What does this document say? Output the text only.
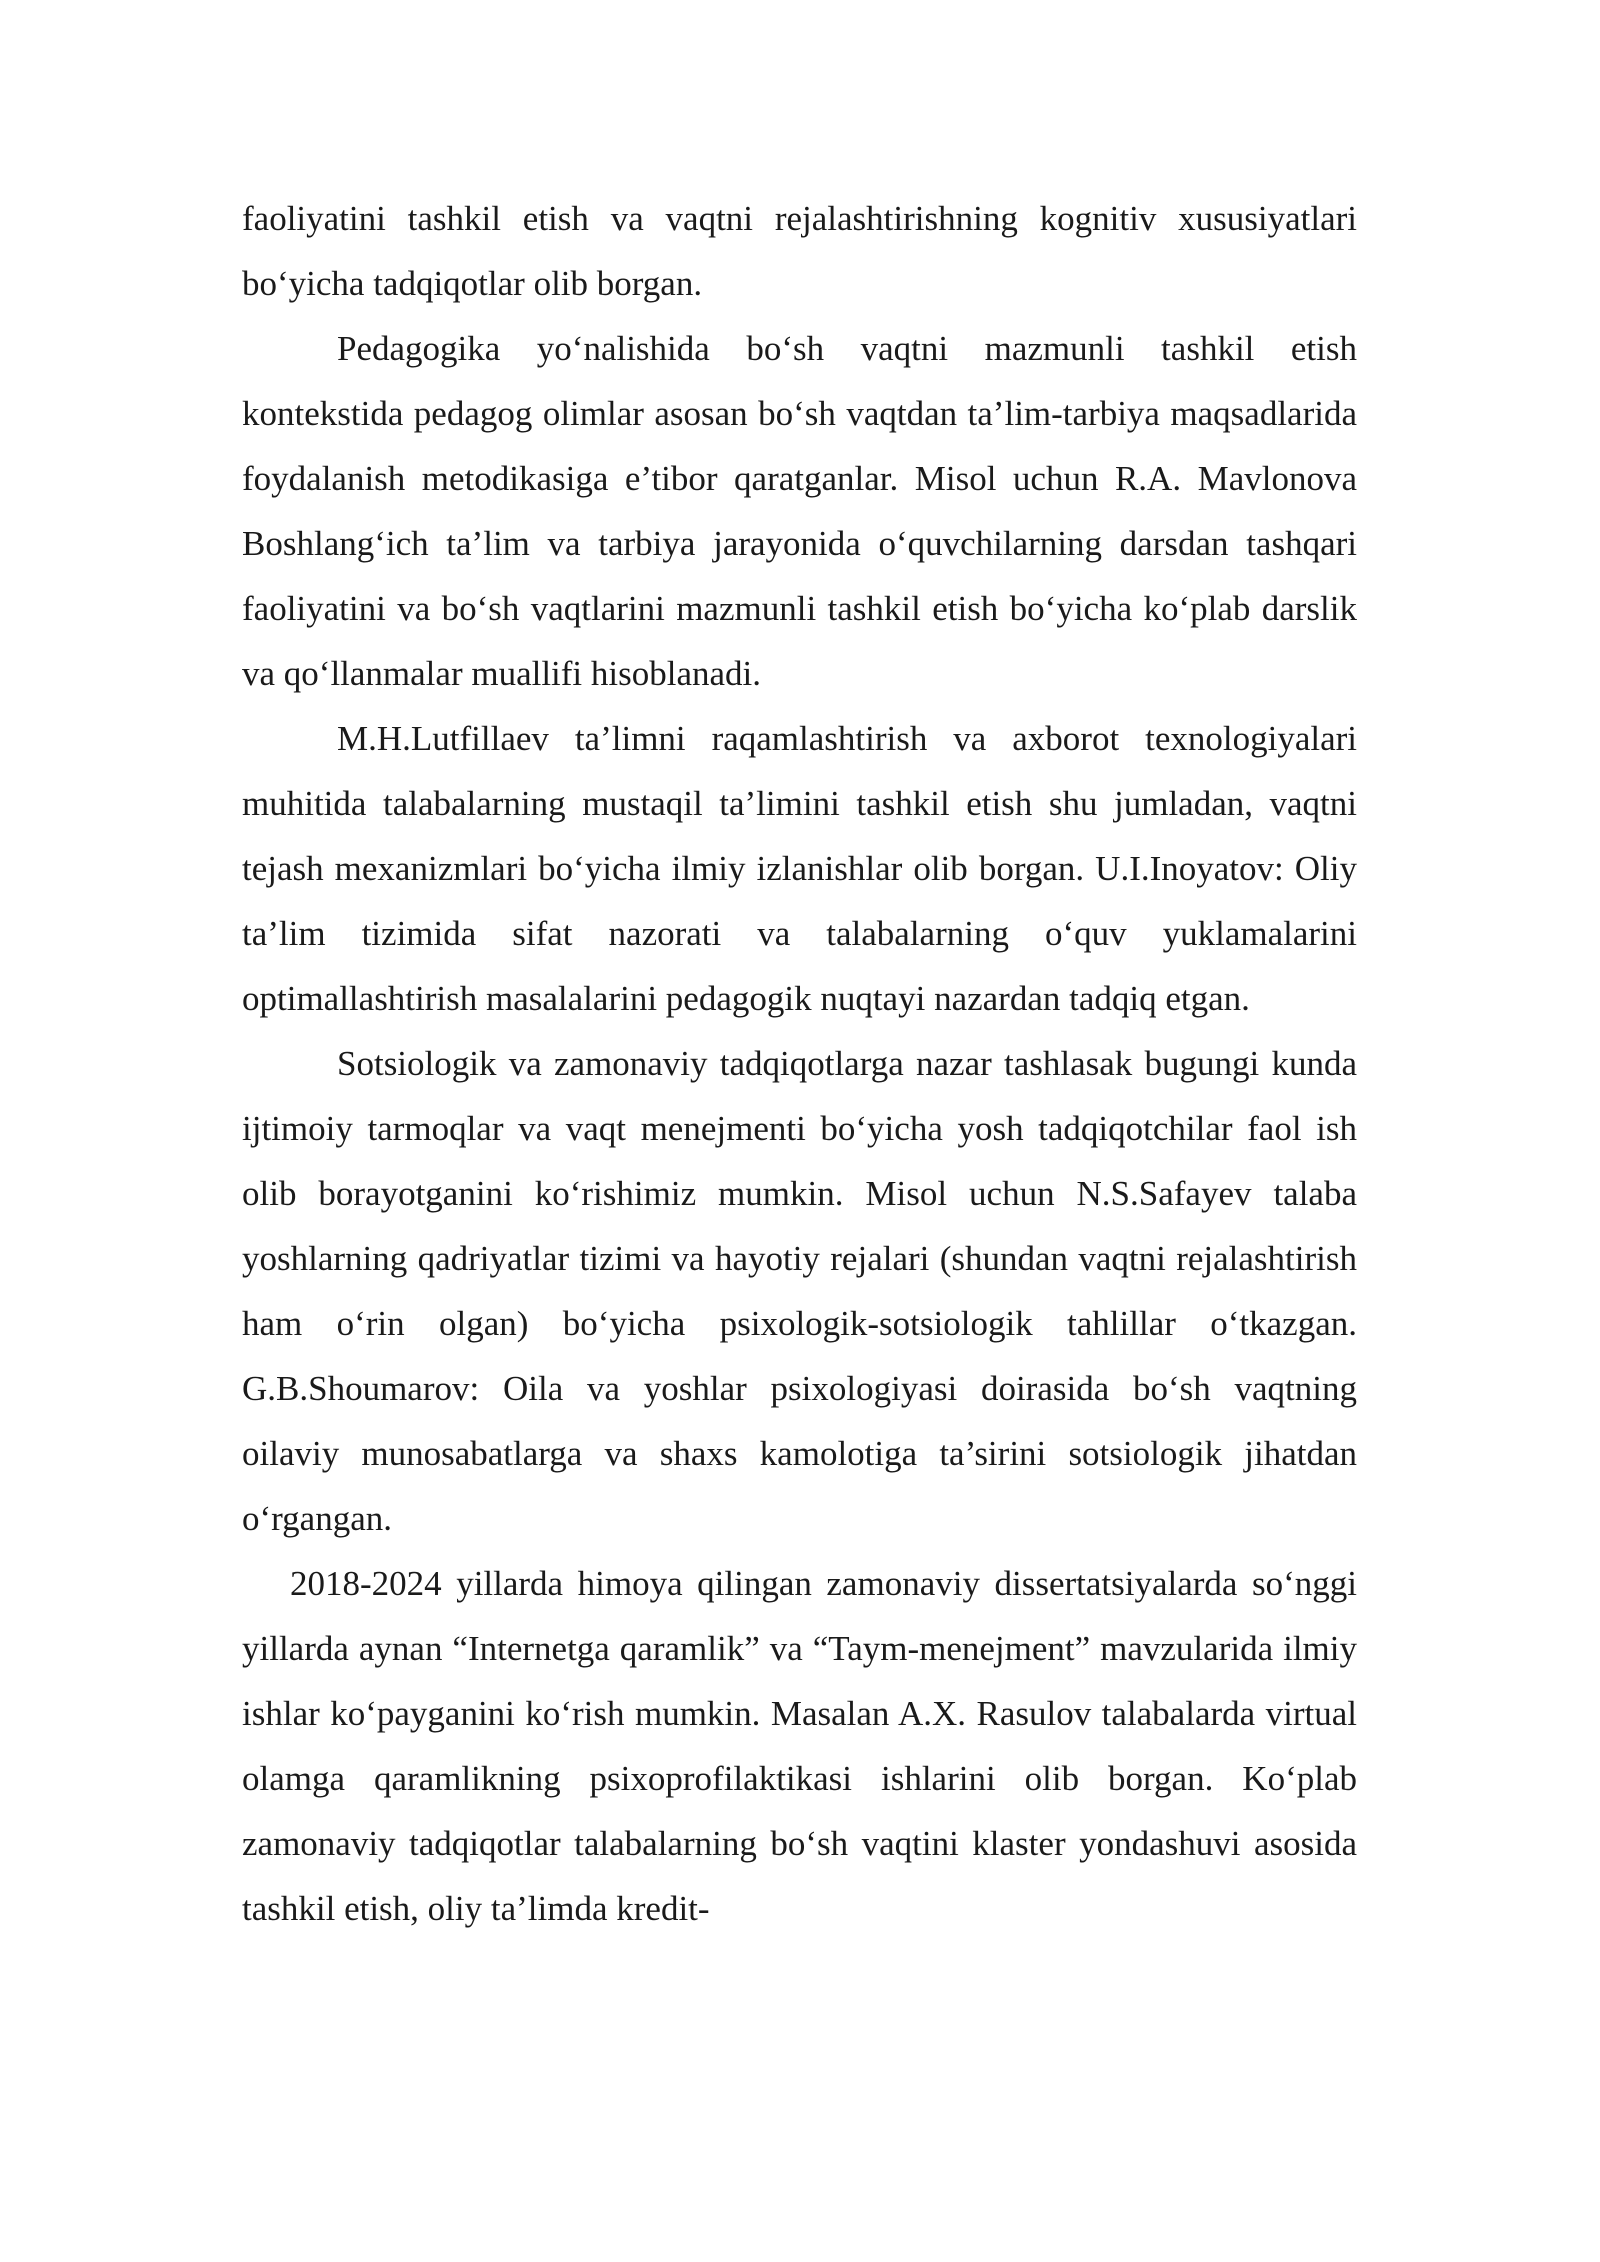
faoliyatini tashkil etish va vaqtni rejalashtirishning kognitiv xususiyatlari bo‘yicha tadqiqotlar olib borgan.

Pedagogika yo‘nalishida bo‘sh vaqtni mazmunli tashkil etish kontekstida pedagog olimlar asosan bo‘sh vaqtdan ta’lim-tarbiya maqsadlarida foydalanish metodikasiga e’tibor qaratganlar. Misol uchun R.A. Mavlonova Boshlang‘ich ta’lim va tarbiya jarayonida o‘quvchilarning darsdan tashqari faoliyatini va bo‘sh vaqtlarini mazmunli tashkil etish bo‘yicha ko‘plab darslik va qo‘llanmalar muallifi hisoblanadi.

M.H.Lutfillaev ta’limni raqamlashtirish va axborot texnologiyalari muhitida talabalarning mustaqil ta’limini tashkil etish shu jumladan, vaqtni tejash mexanizmlari bo‘yicha ilmiy izlanishlar olib borgan. U.I.Inoyatov: Oliy ta’lim tizimida sifat nazorati va talabalarning o‘quv yuklamalarini optimallashtirish masalalarini pedagogik nuqtayi nazardan tadqiq etgan.

Sotsiologik va zamonaviy tadqiqotlarga nazar tashlasak bugungi kunda ijtimoiy tarmoqlar va vaqt menejmenti bo‘yicha yosh tadqiqotchilar faol ish olib borayotganini ko‘rishimiz mumkin. Misol uchun N.S.Safayev talaba yoshlarning qadriyatlar tizimi va hayotiy rejalari (shundan vaqtni rejalashtirish ham o‘rin olgan) bo‘yicha psixologik-sotsiologik tahlillar o‘tkazgan. G.B.Shoumarov: Oila va yoshlar psixologiyasi doirasida bo‘sh vaqtning oilaviy munosabatlarga va shaxs kamolotiga ta’sirini sotsiologik jihatdan o‘rgangan.

2018-2024 yillarda himoya qilingan zamonaviy dissertatsiyalarda so‘nggi yillarda aynan “Internetga qaramlik” va “Taym-menejment” mavzularida ilmiy ishlar ko‘payganini ko‘rish mumkin. Masalan A.X. Rasulov talabalarda virtual olamga qaramlikning psixoprofilaktikasi ishlarini olib borgan. Ko‘plab zamonaviy tadqiqotlar talabalarning bo‘sh vaqtini klaster yondashuvi asosida tashkil etish, oliy ta’limda kredit-
